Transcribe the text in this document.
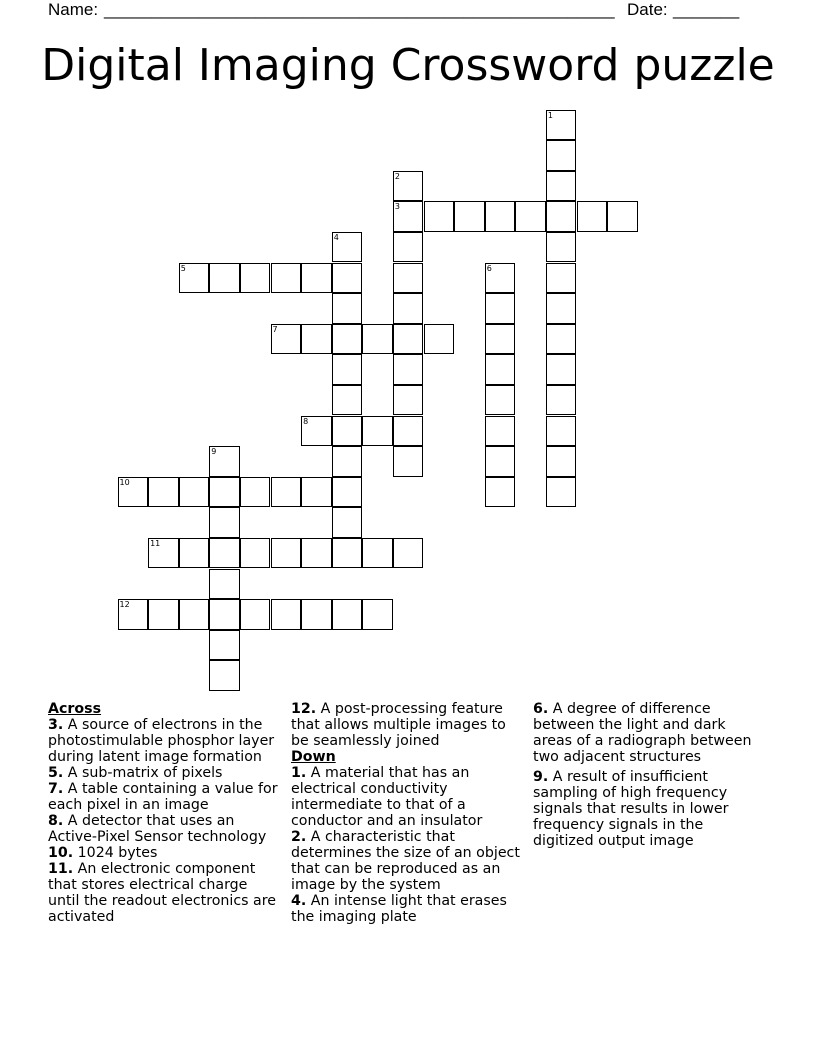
Name: ______________________________________________________ Date: _______
Digital Imaging Crossword puzzle
1
2
3
4
5	6
7
8
9
10
11
12
Across

3. A source of electrons in the photostimulable phosphor layer during latent image formation

5. A sub-matrix of pixels

7. A table containing a value for each pixel in an image

8. A detector that uses an Active-Pixel Sensor technology

10. 1024 bytes

11. An electronic component that stores electrical charge until the readout electronics are activated

12. A post-processing feature that allows multiple images to be seamlessly joined

Down

1. A material that has an electrical conductivity intermediate to that of a conductor and an insulator

2. A characteristic that determines the size of an object that can be reproduced as an image by the system

4. An intense light that erases the imaging plate

6. A degree of difference between the light and dark areas of a radiograph between two adjacent structures

9. A result of insufficient sampling of high frequency signals that results in lower frequency signals in the digitized output image
